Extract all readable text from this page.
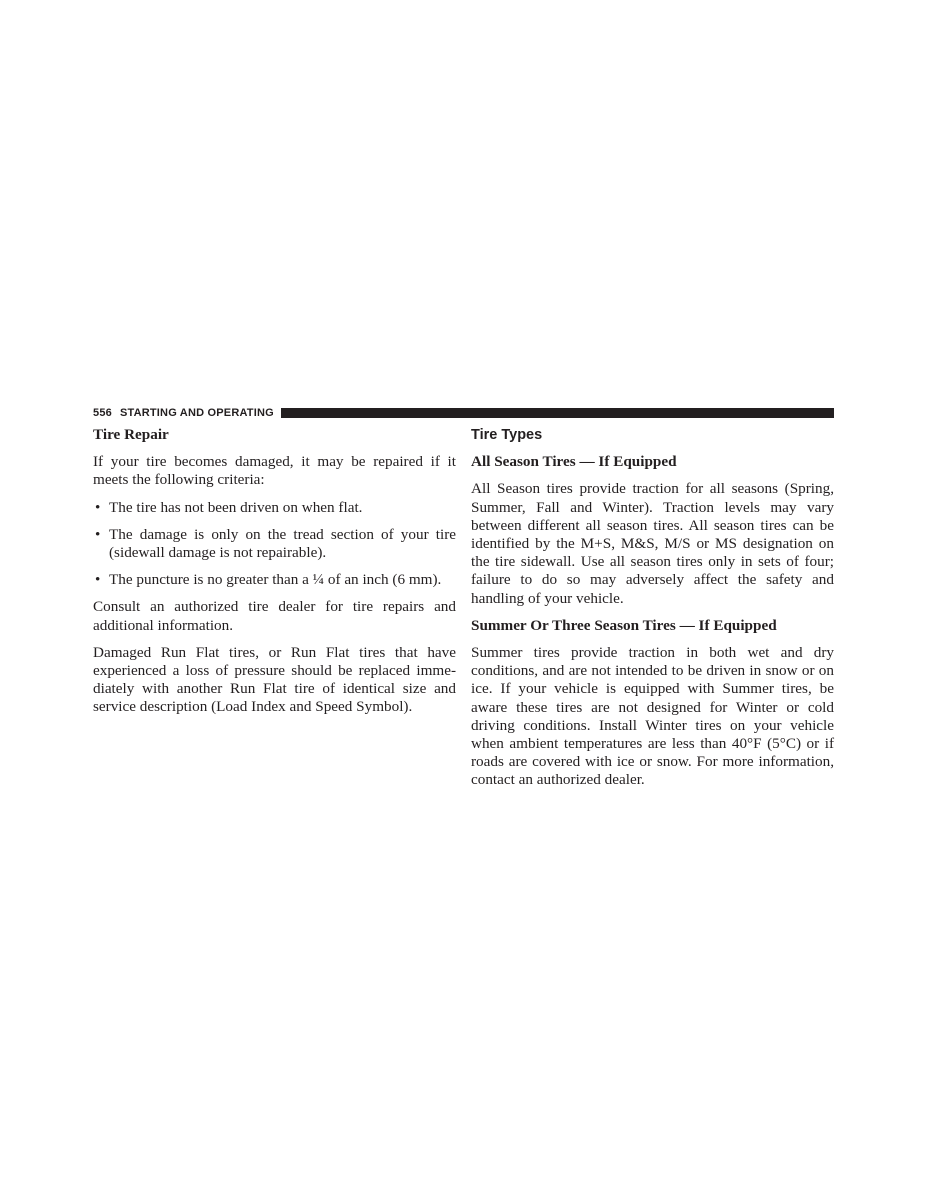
556 STARTING AND OPERATING
Tire Repair

If your tire becomes damaged, it may be repaired if it meets the following criteria:

• The tire has not been driven on when flat.
• The damage is only on the tread section of your tire (sidewall damage is not repairable).
• The puncture is no greater than a ¼ of an inch (6 mm).

Consult an authorized tire dealer for tire repairs and additional information.

Damaged Run Flat tires, or Run Flat tires that have experienced a loss of pressure should be replaced immediately with another Run Flat tire of identical size and service description (Load Index and Speed Symbol).

Tire Types
All Season Tires — If Equipped

All Season tires provide traction for all seasons (Spring, Summer, Fall and Winter). Traction levels may vary between different all season tires. All season tires can be identified by the M+S, M&S, M/S or MS designation on the tire sidewall. Use all season tires only in sets of four; failure to do so may adversely affect the safety and handling of your vehicle.

Summer Or Three Season Tires — If Equipped

Summer tires provide traction in both wet and dry conditions, and are not intended to be driven in snow or on ice. If your vehicle is equipped with Summer tires, be aware these tires are not designed for Winter or cold driving conditions. Install Winter tires on your vehicle when ambient temperatures are less than 40°F (5°C) or if roads are covered with ice or snow. For more information, contact an authorized dealer.
